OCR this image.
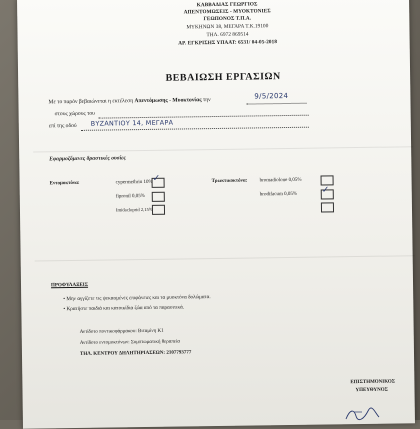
ΚΑΒΒΑΔΙΑΣ ΓΕΩΡΓΙΟΣ
ΑΠΕΝΤΟΜΩΣΕΙΣ - ΜΥΟΚΤΟΝΙΕΣ
ΓΕΩΠΟΝΟΣ Τ.Π.Α.
ΜΥΚΗΝΩΝ 38, ΜΕΓΑΡΑ Τ.Κ.19100
ΤΗΛ. 6972 869514
ΑΡ. ΕΓΚΡΙΣΗΣ ΥΠΑΑΤ: 6531/ 04-05-2018
ΒΕΒΑΙΩΣΗ ΕΡΓΑΣΙΩΝ
Με το παρόν βεβαιώνεται η εκτέλεση Απεντόμωσης - Μυοκτονίας την	9/5/2024
στους χώρους του
επί της οδού ΒΥΖΑΝΤΙΟΥ 14, ΜΕΓΑΡΑ
Εφαρμοζόμενες δραστικές ουσίες
Εντομοκτόνα:	cypermethrin 10% ✓
fipronil 0,05%
Imidacloprid 2,15%
Τρωκτικοκτόνα: bromadiolone 0,05%
brodifacum 0,05%	✓
ΠΡΟΦΥΛΑΞΕΙΣ
• Μην αγγίζετε τις ψεκασμένες επιφάνειες και τα μυοκτόνα δολώματα.
• Κρατήστε παιδιά και κατοικίδια ζώα από τα παρασιτικά.
Αντίδοτο ποντικοφάρμακου: Βιταμίνη Κ1
Αντίδοτο εντομοκτόνων: Συμπτωματική θεραπεία
ΤΗΛ. ΚΕΝΤΡΟΥ ΔΗΛΗΤΗΡΙΑΣΕΩΝ: 2107793777
ΕΠΙΣΤΗΜΟΝΙΚΟΣ
ΥΠΕΥΘΥΝΟΣ
